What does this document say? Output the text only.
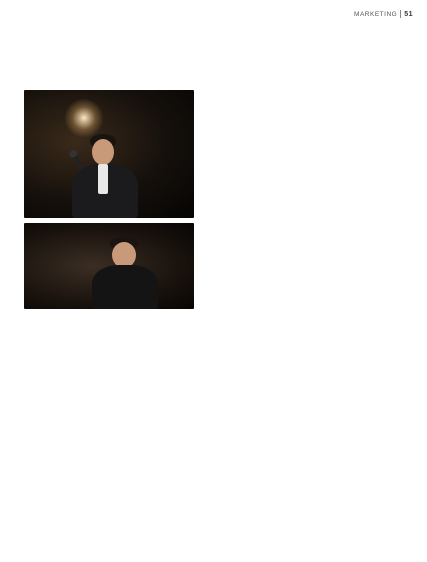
MARKETING 51
